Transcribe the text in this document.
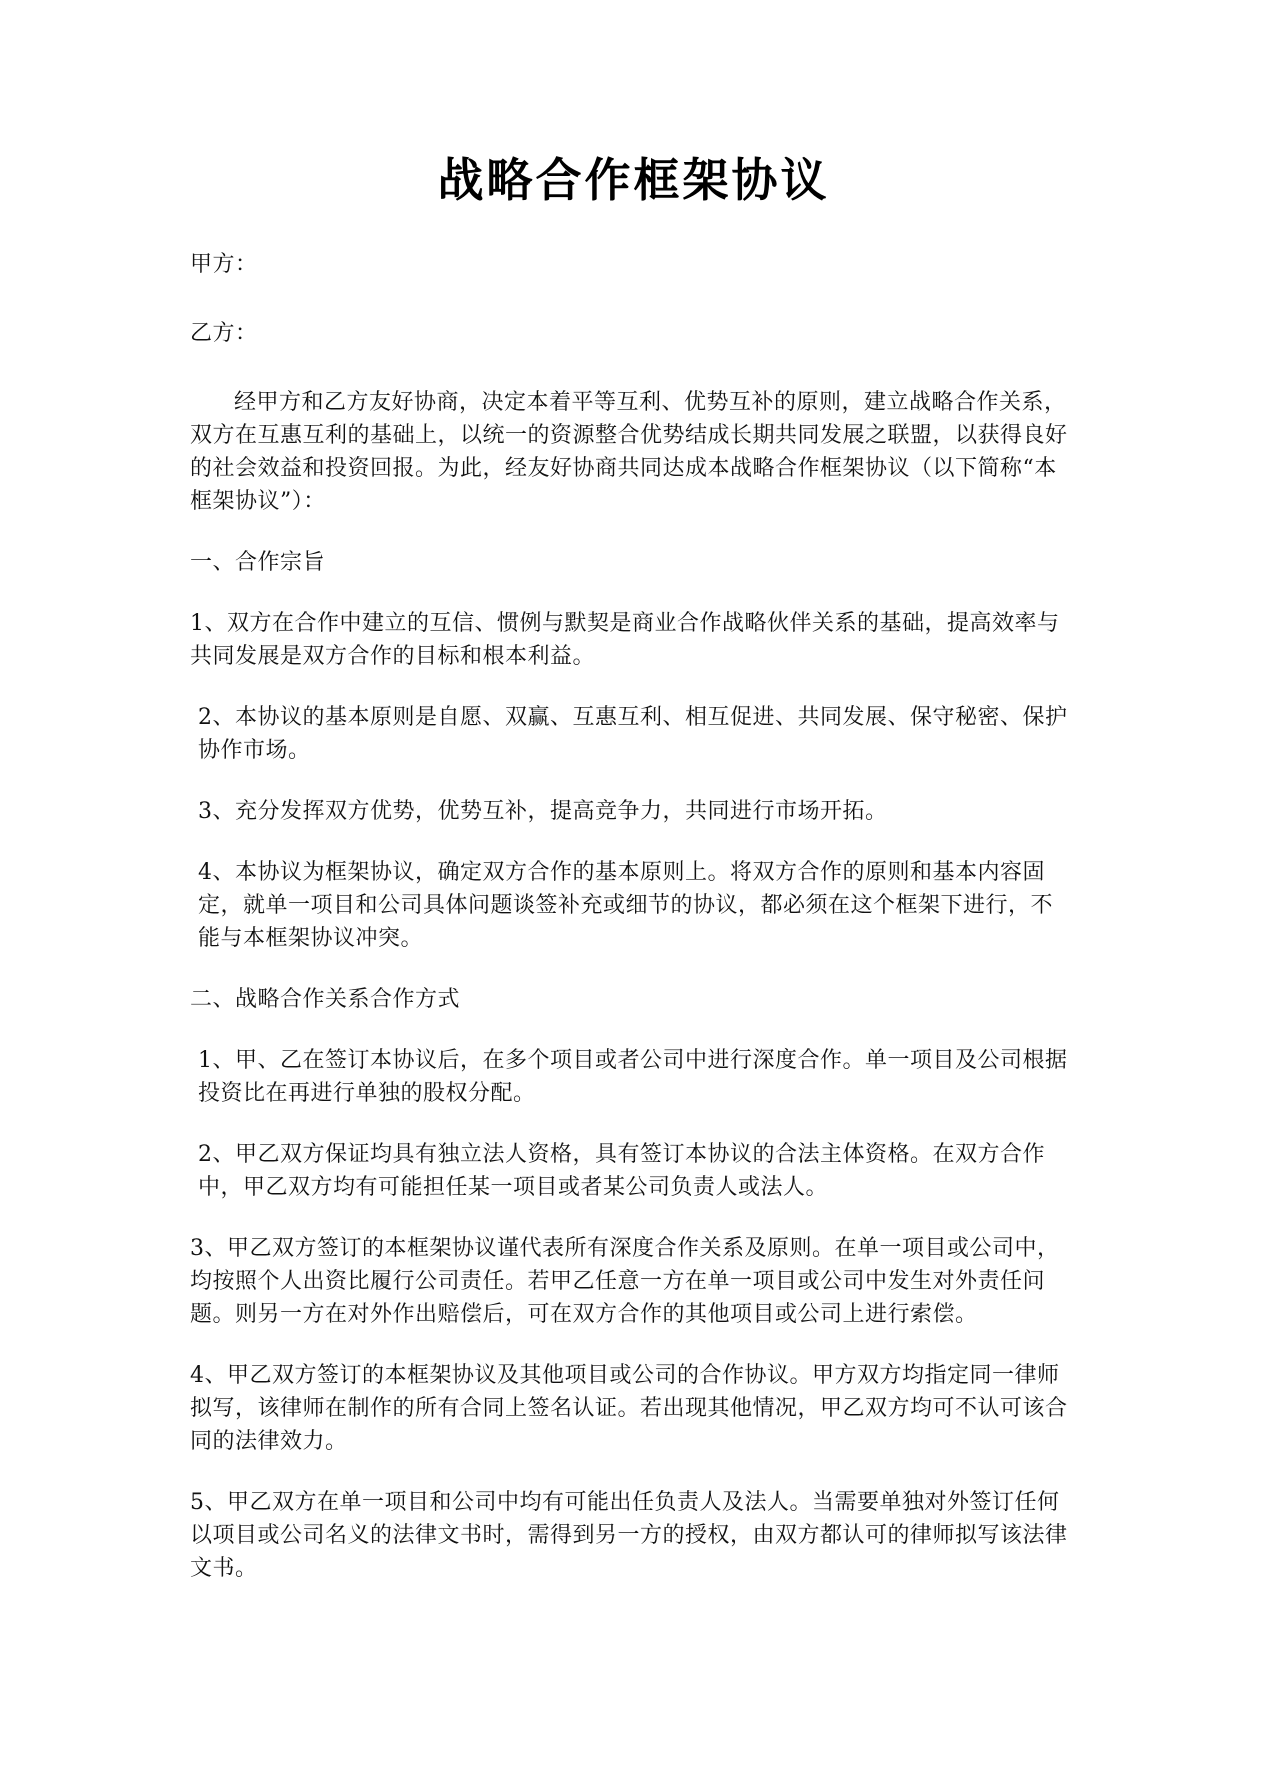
战略合作框架协议

甲方：

乙方：

经甲方和乙方友好协商，决定本着平等互利、优势互补的原则，建立战略合作关系，双方在互惠互利的基础上，以统一的资源整合优势结成长期共同发展之联盟，以获得良好的社会效益和投资回报。为此，经友好协商共同达成本战略合作框架协议（以下简称“本框架协议”）：

一、合作宗旨

1、双方在合作中建立的互信、惯例与默契是商业合作战略伙伴关系的基础，提高效率与共同发展是双方合作的目标和根本利益。

2、本协议的基本原则是自愿、双赢、互惠互利、相互促进、共同发展、保守秘密、保护协作市场。

3、充分发挥双方优势，优势互补，提高竞争力，共同进行市场开拓。

4、本协议为框架协议，确定双方合作的基本原则上。将双方合作的原则和基本内容固定，就单一项目和公司具体问题谈签补充或细节的协议，都必须在这个框架下进行，不能与本框架协议冲突。

二、战略合作关系合作方式

1、甲、乙在签订本协议后，在多个项目或者公司中进行深度合作。单一项目及公司根据投资比在再进行单独的股权分配。

2、甲乙双方保证均具有独立法人资格，具有签订本协议的合法主体资格。在双方合作中，甲乙双方均有可能担任某一项目或者某公司负责人或法人。

3、甲乙双方签订的本框架协议谨代表所有深度合作关系及原则。在单一项目或公司中，均按照个人出资比履行公司责任。若甲乙任意一方在单一项目或公司中发生对外责任问题。则另一方在对外作出赔偿后，可在双方合作的其他项目或公司上进行索偿。

4、甲乙双方签订的本框架协议及其他项目或公司的合作协议。甲方双方均指定同一律师拟写，该律师在制作的所有合同上签名认证。若出现其他情况，甲乙双方均可不认可该合同的法律效力。

5、甲乙双方在单一项目和公司中均有可能出任负责人及法人。当需要单独对外签订任何以项目或公司名义的法律文书时，需得到另一方的授权，由双方都认可的律师拟写该法律文书。
